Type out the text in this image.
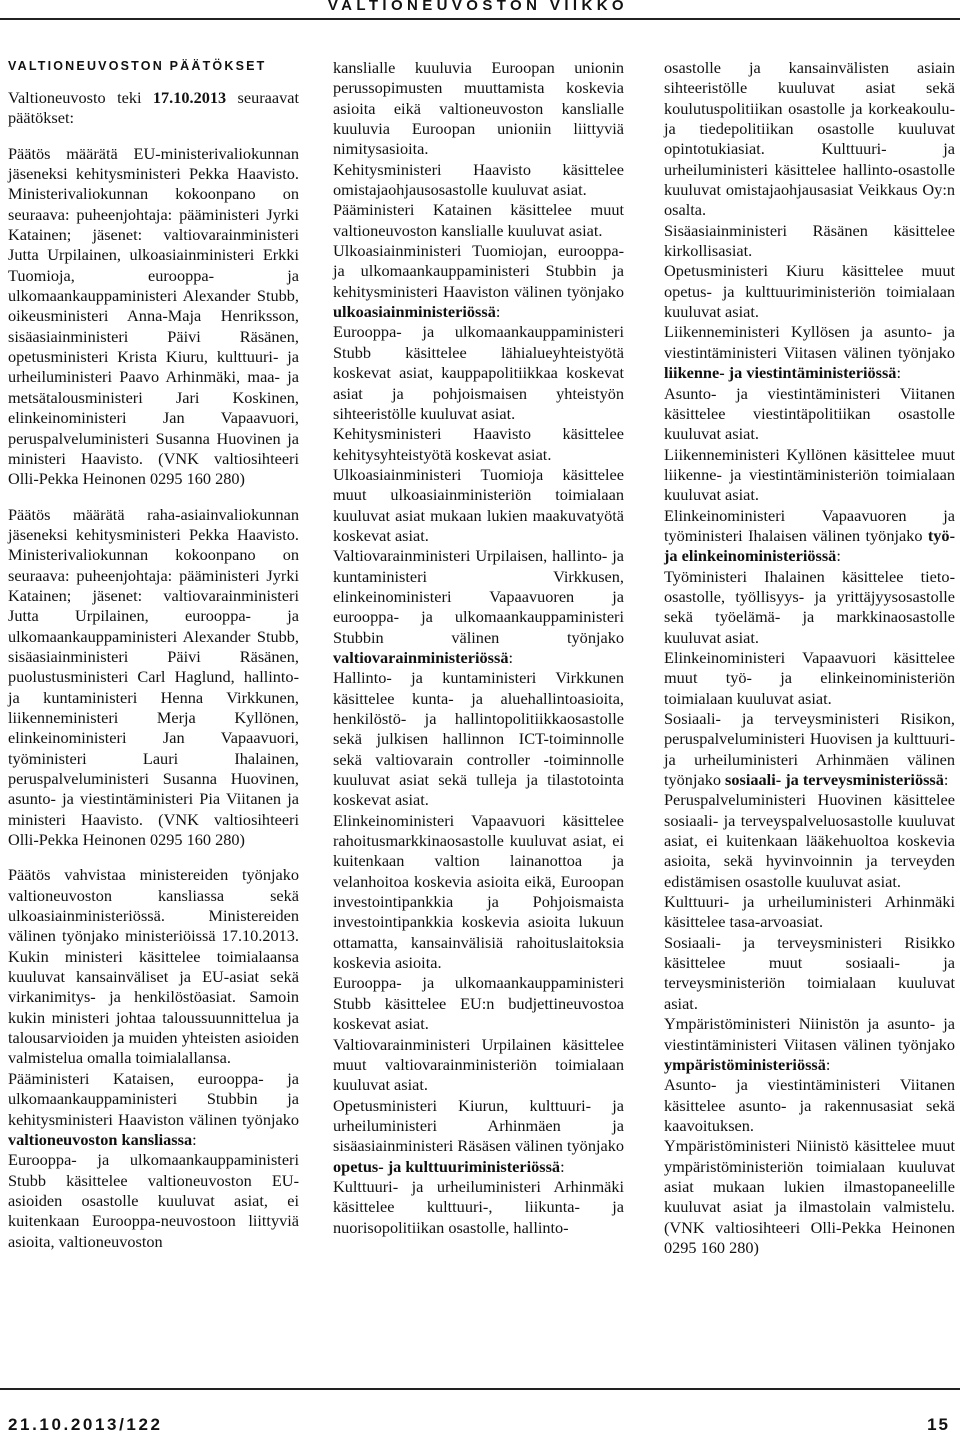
VALTIONEUVOSTON VIIKKO
VALTIONEUVOSTON PÄÄTÖKSET

Valtioneuvosto teki 17.10.2013 seuraavat päätökset:

Päätös määrätä EU-ministerivaliokunnan jäseneksi kehitysministeri Pekka Haavisto. Ministerivaliokunnan kokoonpano on seuraava: puheenjohtaja: pääministeri Jyrki Katainen; jäsenet: valtiovarainministeri Jutta Urpilainen, ulkoasiainministeri Erkki Tuomioja, eurooppa- ja ulkomaankauppaministeri Alexander Stubb, oikeusministeri Anna-Maja Henriksson, sisäasiainministeri Päivi Räsänen, opetusministeri Krista Kiuru, kulttuuri- ja urheiluministeri Paavo Arhinmäki, maa- ja metsätalousministeri Jari Koskinen, elinkeinoministeri Jan Vapaavuori, peruspalveluministeri Susanna Huovinen ja ministeri Haavisto. (VNK valtiosihteeri Olli-Pekka Heinonen 0295 160 280)

Päätös määrätä raha-asiainvaliokunnan jäseneksi kehitysministeri Pekka Haavisto. Ministerivaliokunnan kokoonpano on seuraava: puheenjohtaja: pääministeri Jyrki Katainen; jäsenet: valtiovarainministeri Jutta Urpilainen, eurooppa- ja ulkomaankauppaministeri Alexander Stubb, sisäasiainministeri Päivi Räsänen, puolustusministeri Carl Haglund, hallinto- ja kuntaministeri Henna Virkkunen, liikenneministeri Merja Kyllönen, elinkeinoministeri Jan Vapaavuori, työministeri Lauri Ihalainen, peruspalveluministeri Susanna Huovinen, asunto- ja viestintäministeri Pia Viitanen ja ministeri Haavisto. (VNK valtiosihteeri Olli-Pekka Heinonen 0295 160 280)

Päätös vahvistaa ministereiden työnjako valtioneuvoston kansliassa sekä ulkoasiainministeriössä. Ministereiden välinen työnjako ministeriöissä 17.10.2013. Kukin ministeri käsittelee toimialaansa kuuluvat kansainväliset ja EU-asiat sekä virkanimitys- ja henkilöstöasiat. Samoin kukin ministeri johtaa taloussuunnittelua ja talousarvioiden ja muiden yhteisten asioiden valmistelua omalla toimialallansa.

Pääministeri Kataisen, eurooppa- ja ulkomaankauppaministeri Stubbin ja kehitysministeri Haaviston välinen työnjako valtioneuvoston kansliassa:

Eurooppa- ja ulkomaankauppaministeri Stubb käsittelee valtioneuvoston EU-asioiden osastolle kuuluvat asiat, ei kuitenkaan Eurooppa-neuvostoon liittyviä asioita, valtioneuvoston

kanslialle kuuluvia Euroopan unionin perussopimusten muuttamista koskevia asioita eikä valtioneuvoston kanslialle kuuluvia Euroopan unioniin liittyviä nimitysasioita.

Kehitysministeri Haavisto käsittelee omistajaohjausosastolle kuuluvat asiat.

Pääministeri Katainen käsittelee muut valtioneuvoston kanslialle kuuluvat asiat.

Ulkoasiainministeri Tuomiojan, eurooppa- ja ulkomaankauppaministeri Stubbin ja kehitysministeri Haaviston välinen työnjako ulkoasiainministeriössä:

Eurooppa- ja ulkomaankauppaministeri Stubb käsittelee lähialueyhteistyötä koskevat asiat, kauppapolitiikkaa koskevat asiat ja pohjoismaisen yhteistyön sihteeristölle kuuluvat asiat.

Kehitysministeri Haavisto käsittelee kehitysyhteistyötä koskevat asiat.

Ulkoasiainministeri Tuomioja käsittelee muut ulkoasiainministeriön toimialaan kuuluvat asiat mukaan lukien maakuvatyötä koskevat asiat.

Valtiovarainministeri Urpilaisen, hallinto- ja kuntaministeri Virkkusen, elinkeinoministeri Vapaavuoren ja eurooppa- ja ulkomaankauppaministeri Stubbin välinen työnjako valtiovarainministeriössä:

Hallinto- ja kuntaministeri Virkkunen käsittelee kunta- ja aluehallintoasioita, henkilöstö- ja hallintopolitiikkaosastolle sekä julkisen hallinnon ICT-toiminnolle sekä valtiovarain controller -toiminnolle kuuluvat asiat sekä tulleja ja tilastotointa koskevat asiat.

Elinkeinoministeri Vapaavuori käsittelee rahoitusmarkkinaosastolle kuuluvat asiat, ei kuitenkaan valtion lainanottoa ja velanhoitoa koskevia asioita eikä, Euroopan investointipankkia ja Pohjoismaista investointipankkia koskevia asioita lukuun ottamatta, kansainvälisiä rahoituslaitoksia koskevia asioita.

Eurooppa- ja ulkomaankauppaministeri Stubb käsittelee EU:n budjettineuvostoa koskevat asiat.

Valtiovarainministeri Urpilainen käsittelee muut valtiovarainministeriön toimialaan kuuluvat asiat.

Opetusministeri Kiurun, kulttuuri- ja urheiluministeri Arhinmäen ja sisäasiainministeri Räsäsen välinen työnjako opetus- ja kulttuuriministeriössä:

Kulttuuri- ja urheiluministeri Arhinmäki käsittelee kulttuuri-, liikunta- ja nuorisopolitiikan osastolle, hallinto-

osastolle ja kansainvälisten asiain sihteeristölle kuuluvat asiat sekä koulutuspolitiikan osastolle ja korkeakoulu- ja tiedepolitiikan osastolle kuuluvat opintotukiasiat. Kulttuuri- ja urheiluministeri käsittelee hallinto-osastolle kuuluvat omistajaohjausasiat Veikkaus Oy:n osalta.

Sisäasiainministeri Räsänen käsittelee kirkollisasiat.

Opetusministeri Kiuru käsittelee muut opetus- ja kulttuuriministeriön toimialaan kuuluvat asiat.

Liikenneministeri Kyllösen ja asunto- ja viestintäministeri Viitasen välinen työnjako liikenne- ja viestintäministeriössä:

Asunto- ja viestintäministeri Viitanen käsittelee viestintäpolitiikan osastolle kuuluvat asiat.

Liikenneministeri Kyllönen käsittelee muut liikenne- ja viestintäministeriön toimialaan kuuluvat asiat.

Elinkeinoministeri Vapaavuoren ja työministeri Ihalaisen välinen työnjako työ- ja elinkeinoministeriössä:

Työministeri Ihalainen käsittelee tieto-osastolle, työllisyys- ja yrittäjyysosastolle sekä työelämä- ja markkinaosastolle kuuluvat asiat.

Elinkeinoministeri Vapaavuori käsittelee muut työ- ja elinkeinoministeriön toimialaan kuuluvat asiat.

Sosiaali- ja terveysministeri Risikon, peruspalveluministeri Huovisen ja kulttuuri- ja urheiluministeri Arhinmäen välinen työnjako sosiaali- ja terveysministeriössä:

Peruspalveluministeri Huovinen käsittelee sosiaali- ja terveyspalveluosastolle kuuluvat asiat, ei kuitenkaan lääkehuoltoa koskevia asioita, sekä hyvinvoinnin ja terveyden edistämisen osastolle kuuluvat asiat.

Kulttuuri- ja urheiluministeri Arhinmäki käsittelee tasa-arvoasiat.

Sosiaali- ja terveysministeri Risikko käsittelee muut sosiaali- ja terveysministeriön toimialaan kuuluvat asiat.

Ympäristöministeri Niinistön ja asunto- ja viestintäministeri Viitasen välinen työnjako ympäristöministeriössä:

Asunto- ja viestintäministeri Viitanen käsittelee asunto- ja rakennusasiat sekä kaavoituksen.

Ympäristöministeri Niinistö käsittelee muut ympäristöministeriön toimialaan kuuluvat asiat mukaan lukien ilmastopaneelille kuuluvat asiat ja ilmastolain valmistelu. (VNK valtiosihteeri Olli-Pekka Heinonen 0295 160 280)

21.10.2013/122	15
